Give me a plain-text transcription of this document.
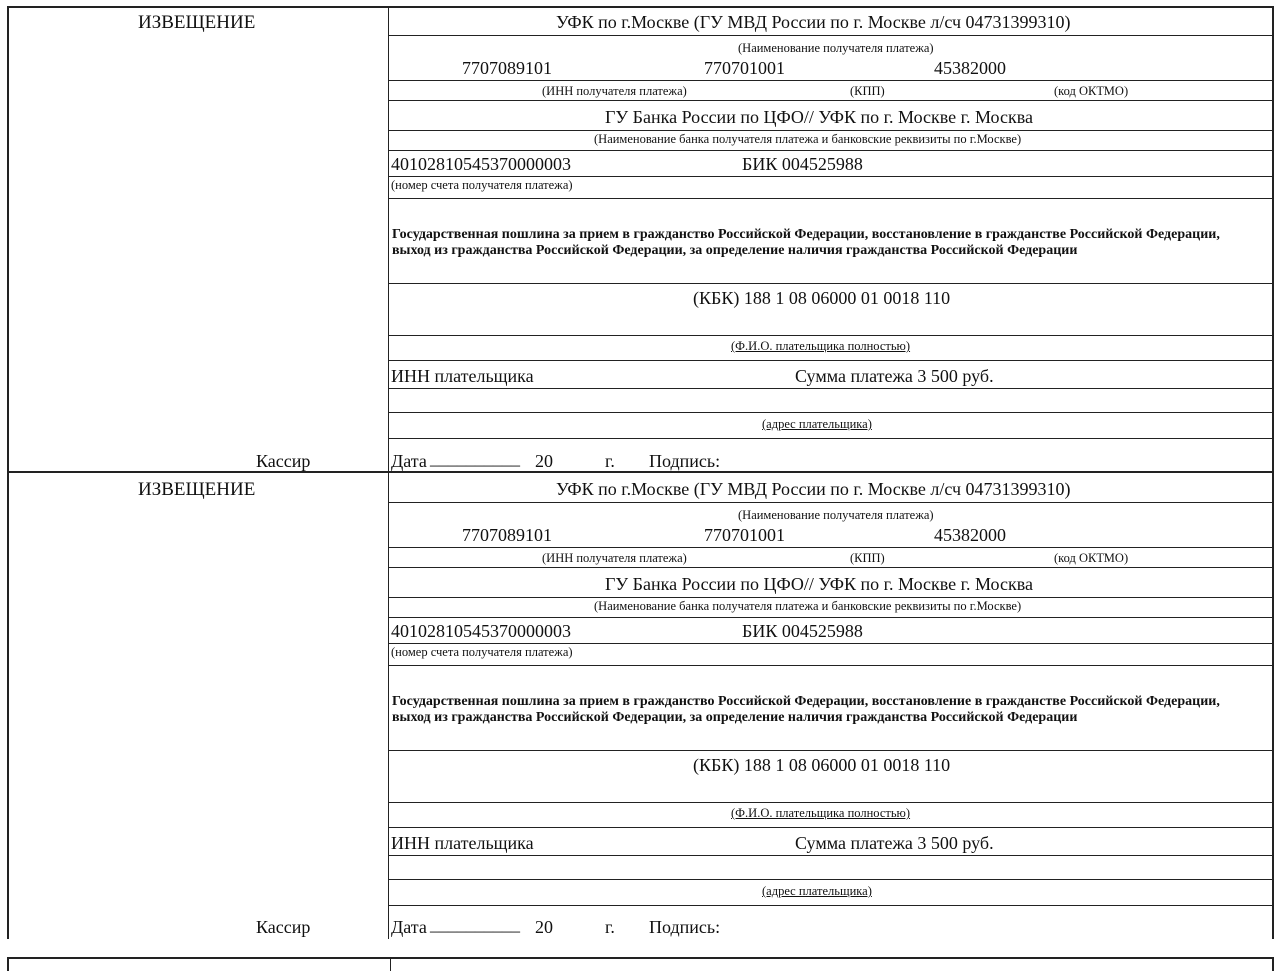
ИЗВЕЩЕНИЕ	УФК по г.Москве (ГУ МВД России по г. Москве л/сч 04731399310)
(Наименование получателя платежа)
7707089101	770701001	45382000
(ИНН получателя платежа)	(КПП)	(код ОКТМО)
ГУ Банка России по ЦФО// УФК по г. Москве г. Москва
(Наименование банка получателя платежа и банковские реквизиты по г.Москве)
40102810545370000003	БИК 004525988
(номер счета получателя платежа)
Государственная пошлина за прием в гражданство Российской Федерации, восстановление в гражданстве Российской Федерации, выход из гражданства Российской Федерации, за определение наличия гражданства Российской Федерации
(КБК) 188 1 08 06000 01 0018 110
(Ф.И.О. плательщика полностью)
ИНН плательщика	Сумма платежа 3 500 руб.
(адрес плательщика)
Кассир	Дата __________ 20	г. Подпись:
ИЗВЕЩЕНИЕ	УФК по г.Москве (ГУ МВД России по г. Москве л/сч 04731399310)
(Наименование получателя платежа)
7707089101	770701001	45382000
(ИНН получателя платежа)	(КПП)	(код ОКТМО)
ГУ Банка России по ЦФО// УФК по г. Москве г. Москва
(Наименование банка получателя платежа и банковские реквизиты по г.Москве)
40102810545370000003	БИК 004525988
(номер счета получателя платежа)
Государственная пошлина за прием в гражданство Российской Федерации, восстановление в гражданстве Российской Федерации, выход из гражданства Российской Федерации, за определение наличия гражданства Российской Федерации
(КБК) 188 1 08 06000 01 0018 110
(Ф.И.О. плательщика полностью)
ИНН плательщика	Сумма платежа 3 500 руб.
(адрес плательщика)
Кассир	Дата __________ 20	г. Подпись:
